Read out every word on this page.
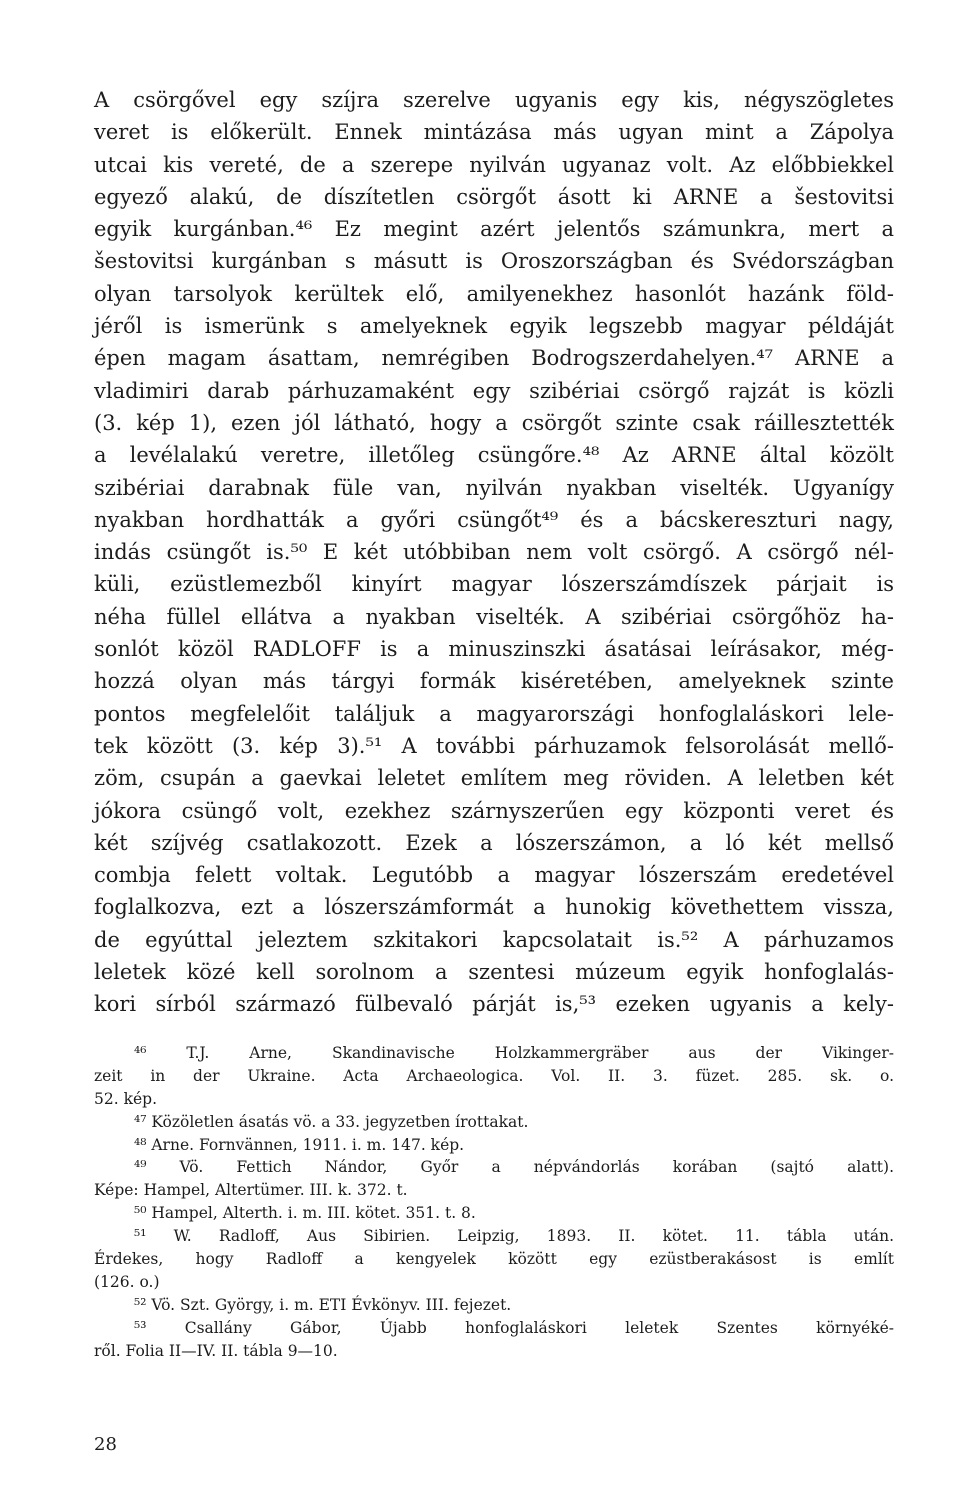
A csörgővel egy szíjra szerelve ugyanis egy kis, négyszögletes
veret is előkerült. Ennek mintázása más ugyan mint a Zápolya
utcai kis vereté, de a szerepe nyilván ugyanaz volt. Az előbbiekkel
egyező alakú, de díszítetlen csörgőt ásott ki ARNE a šestovitsi
egyik kurgánban.⁴⁶ Ez megint azért jelentős számunkra, mert a
šestovitsi kurgánban s másutt is Oroszországban és Svédországban
olyan tarsolyok kerültek elő, amilyenekhez hasonlót hazánk föld-
jéről is ismerünk s amelyeknek egyik legszebb magyar példáját
épen magam ásattam, nemrégiben Bodrogszerdahelyen.⁴⁷ ARNE a
vladimiri darab párhuzamaként egy szibériai csörgő rajzát is közli
(3. kép 1), ezen jól látható, hogy a csörgőt szinte csak ráillesztették
a levélalakú veretre, illetőleg csüngőre.⁴⁸ Az ARNE által közölt
szibériai darabnak füle van, nyilván nyakban viselték. Ugyanígy
nyakban hordhatták a győri csüngőt⁴⁹ és a bácskereszturi nagy,
indás csüngőt is.⁵⁰ E két utóbbiban nem volt csörgő. A csörgő nél-
küli, ezüstlemezből kinyírt magyar lószerszámdíszek párjait is
néha füllel ellátva a nyakban viselték. A szibériai csörgőhöz ha-
sonlót közöl RADLOFF is a minuszinszki ásatásai leírásakor, még-
hozzá olyan más tárgyi formák kiséretében, amelyeknek szinte
pontos megfelelőit találjuk a magyarországi honfoglaláskori lele-
tek között (3. kép 3).⁵¹ A további párhuzamok felsorolását mellő-
zöm, csupán a gaevkai leletet említem meg röviden. A leletben két
jókora csüngő volt, ezekhez szárnyszerűen egy központi veret és
két szíjvég csatlakozott. Ezek a lószerszámon, a ló két mellső
combja felett voltak. Legutóbb a magyar lószerszám eredetével
foglalkozva, ezt a lószerszámformát a hunokig követhettem vissza,
de egyúttal jeleztem szkitakori kapcsolatait is.⁵² A párhuzamos
leletek közé kell sorolnom a szentesi múzeum egyik honfoglalás-
kori sírból származó fülbevaló párját is,⁵³ ezeken ugyanis a kely-
⁴⁶ T.J. Arne, Skandinavische Holzkammergräber aus der Vikinger-
zeit in der Ukraine. Acta Archaeologica. Vol. II. 3. füzet. 285. sk. o.
52. kép.
⁴⁷ Közöletlen ásatás vö. a 33. jegyzetben írottakat.
⁴⁸ Arne. Fornvännen, 1911. i. m. 147. kép.
⁴⁹ Vö. Fettich Nándor, Győr a népvándorlás korában (sajtó alatt).
Képe: Hampel, Altertümer. III. k. 372. t.
⁵⁰ Hampel, Alterth. i. m. III. kötet. 351. t. 8.
⁵¹ W. Radloff, Aus Sibirien. Leipzig, 1893. II. kötet. 11. tábla után.
Érdekes, hogy Radloff a kengyelek között egy ezüstberakásost is említ
(126. o.)
⁵² Vö. Szt. György, i. m. ETI Évkönyv. III. fejezet.
⁵³ Csallány Gábor, Újabb honfoglaláskori leletek Szentes környéké-
ről. Folia II—IV. II. tábla 9—10.
28
